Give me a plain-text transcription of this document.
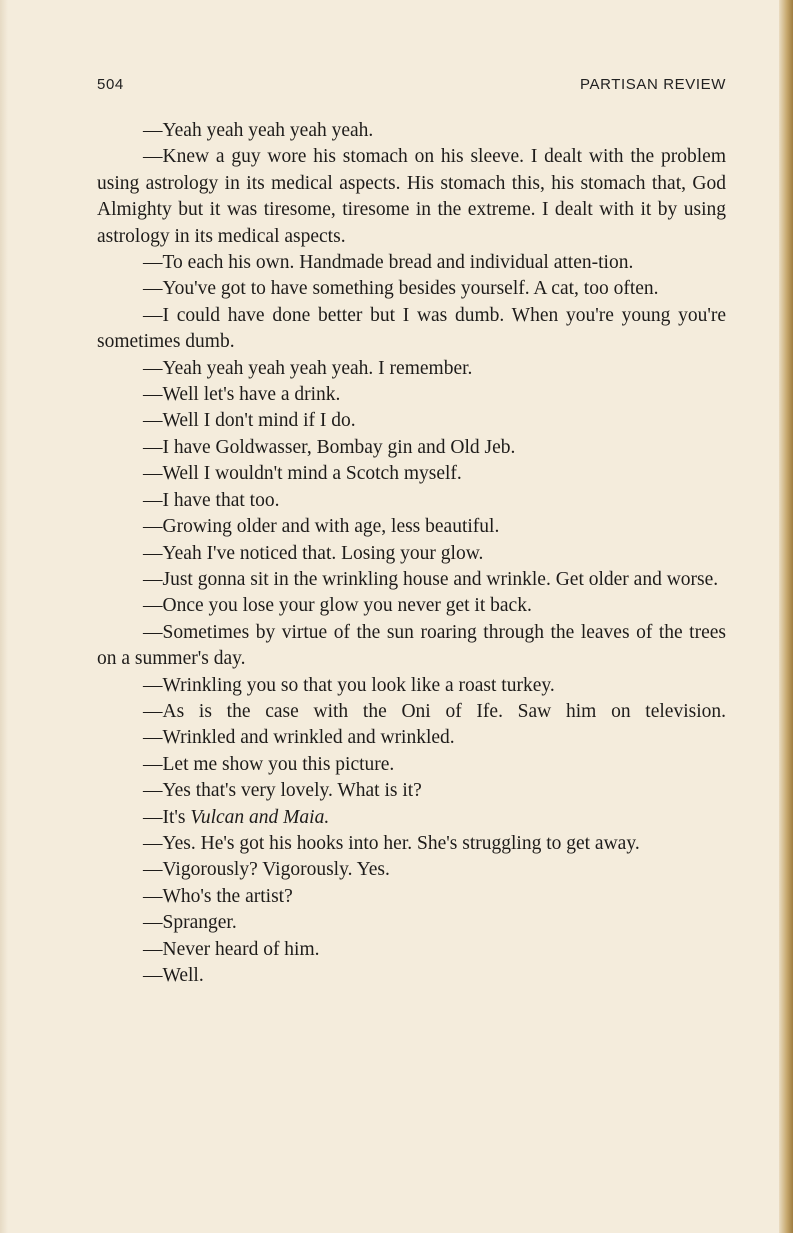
504	PARTISAN REVIEW

—Yeah yeah yeah yeah yeah.

—Knew a guy wore his stomach on his sleeve. I dealt with the problem using astrology in its medical aspects. His stomach this, his stomach that, God Almighty but it was tiresome, tiresome in the extreme. I dealt with it by using astrology in its medical aspects.

—To each his own. Handmade bread and individual atten-tion.

—You've got to have something besides yourself. A cat, too often.

—I could have done better but I was dumb. When you're young you're sometimes dumb.

—Yeah yeah yeah yeah yeah. I remember.

—Well let's have a drink.

—Well I don't mind if I do.

—I have Goldwasser, Bombay gin and Old Jeb.

—Well I wouldn't mind a Scotch myself.

—I have that too.

—Growing older and with age, less beautiful.

—Yeah I've noticed that. Losing your glow.

—Just gonna sit in the wrinkling house and wrinkle. Get older and worse.

—Once you lose your glow you never get it back.

—Sometimes by virtue of the sun roaring through the leaves of the trees on a summer's day.

—Wrinkling you so that you look like a roast turkey.

—As is the case with the Oni of Ife. Saw him on television.

—Wrinkled and wrinkled and wrinkled.

—Let me show you this picture.

—Yes that's very lovely. What is it?

—It's Vulcan and Maia.

—Yes. He's got his hooks into her. She's struggling to get away.

—Vigorously? Vigorously. Yes.

—Who's the artist?

—Spranger.

—Never heard of him.

—Well.
